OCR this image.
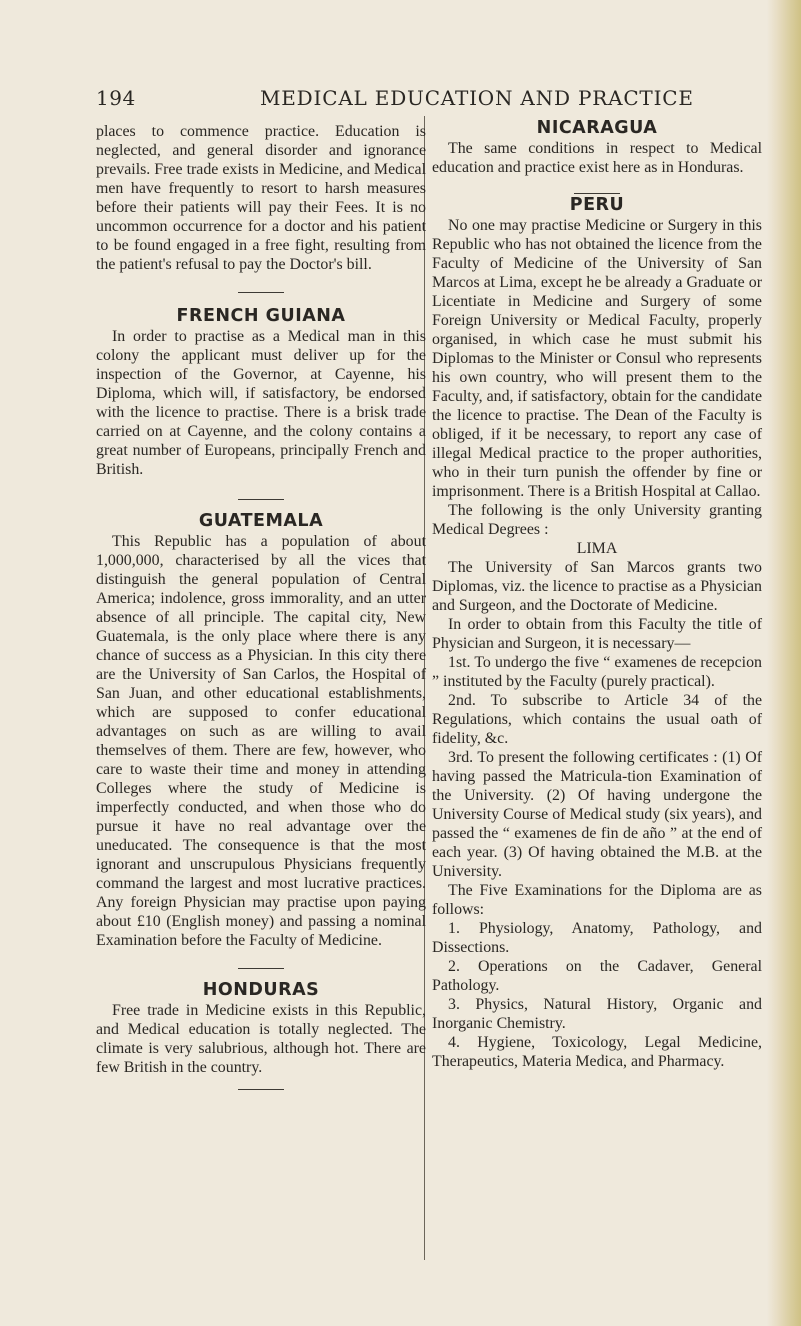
194	MEDICAL EDUCATION AND PRACTICE

places to commence practice. Education is neglected, and general disorder and ignorance prevails. Free trade exists in Medicine, and Medical men have frequently to resort to harsh measures before their patients will pay their Fees. It is no uncommon occurrence for a doctor and his patient to be found engaged in a free fight, resulting from the patient's refusal to pay the Doctor's bill.

FRENCH GUIANA

In order to practise as a Medical man in this colony the applicant must deliver up for the inspection of the Governor, at Cayenne, his Diploma, which will, if satisfactory, be endorsed with the licence to practise. There is a brisk trade carried on at Cayenne, and the colony contains a great number of Europeans, principally French and British.

GUATEMALA

This Republic has a population of about 1,000,000, characterised by all the vices that distinguish the general population of Central America; indolence, gross immorality, and an utter absence of all principle. The capital city, New Guatemala, is the only place where there is any chance of success as a Physician. In this city there are the University of San Carlos, the Hospital of San Juan, and other educational establishments, which are supposed to confer educational advantages on such as are willing to avail themselves of them. There are few, however, who care to waste their time and money in attending Colleges where the study of Medicine is imperfectly conducted, and when those who do pursue it have no real advantage over the uneducated. The consequence is that the most ignorant and unscrupulous Physicians frequently command the largest and most lucrative practices. Any foreign Physician may practise upon paying about £10 (English money) and passing a nominal Examination before the Faculty of Medicine.

HONDURAS

Free trade in Medicine exists in this Republic, and Medical education is totally neglected. The climate is very salubrious, although hot. There are few British in the country.

NICARAGUA

The same conditions in respect to Medical education and practice exist here as in Honduras.

PERU

No one may practise Medicine or Surgery in this Republic who has not obtained the licence from the Faculty of Medicine of the University of San Marcos at Lima, except he be already a Graduate or Licentiate in Medicine and Surgery of some Foreign University or Medical Faculty, properly organised, in which case he must submit his Diplomas to the Minister or Consul who represents his own country, who will present them to the Faculty, and, if satisfactory, obtain for the candidate the licence to practise. The Dean of the Faculty is obliged, if it be necessary, to report any case of illegal Medical practice to the proper authorities, who in their turn punish the offender by fine or imprisonment. There is a British Hospital at Callao.

The following is the only University granting Medical Degrees :

LIMA

The University of San Marcos grants two Diplomas, viz. the licence to practise as a Physician and Surgeon, and the Doctorate of Medicine.

In order to obtain from this Faculty the title of Physician and Surgeon, it is necessary—

1st. To undergo the five “ examenes de recepcion ” instituted by the Faculty (purely practical).

2nd. To subscribe to Article 34 of the Regulations, which contains the usual oath of fidelity, &c.

3rd. To present the following certificates : (1) Of having passed the Matricula-tion Examination of the University. (2) Of having undergone the University Course of Medical study (six years), and passed the “ examenes de fin de año ” at the end of each year. (3) Of having obtained the M.B. at the University.

The Five Examinations for the Diploma are as follows:

1. Physiology, Anatomy, Pathology, and Dissections.

2. Operations on the Cadaver, General Pathology.

3. Physics, Natural History, Organic and Inorganic Chemistry.

4. Hygiene, Toxicology, Legal Medicine, Therapeutics, Materia Medica, and Pharmacy.
